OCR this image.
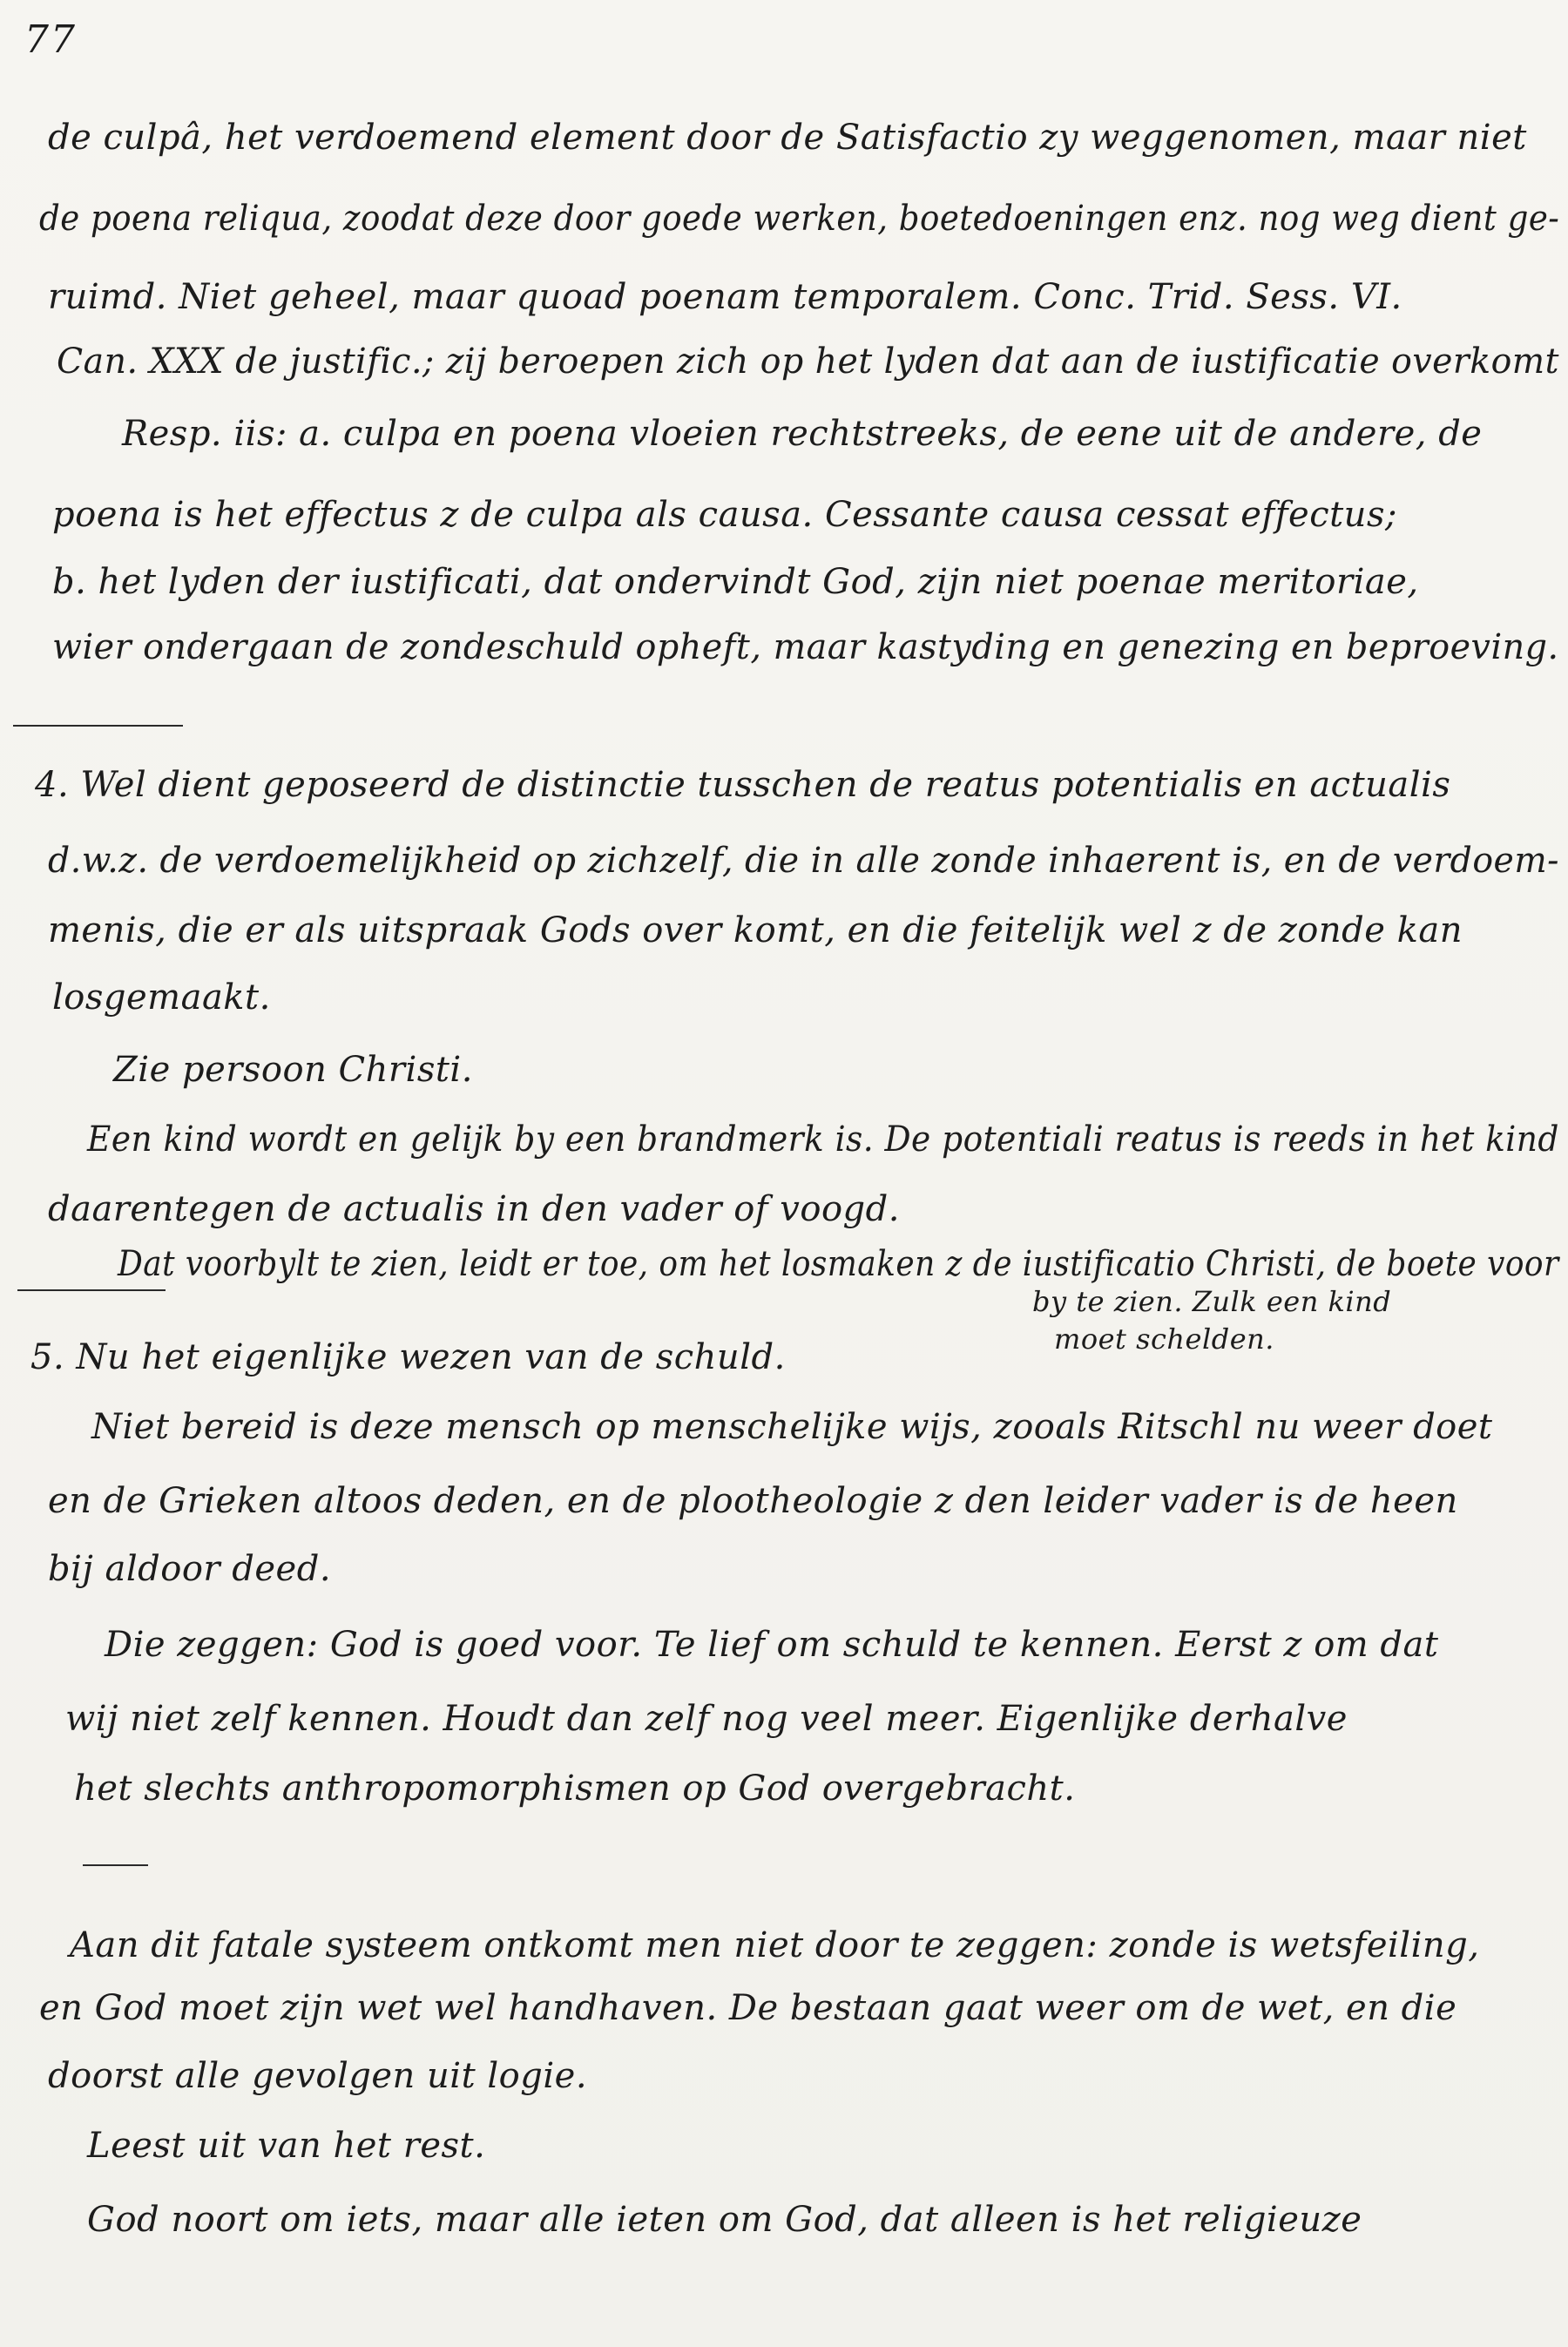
77
de culpâ, het verdoemend element door de Satisfactio zy weggenomen, maar niet
de poena reliqua, zoodat deze door goede werken, boetedoeningen enz. nog weg dient ge-
ruimd. Niet geheel, maar quoad poenam temporalem. Conc. Trid. Sess. VI.
Can. XXX de justific.; zij beroepen zich op het lyden dat aan de iustificatie overkomt
Resp. iis: a. culpa en poena vloeien rechtstreeks, de eene uit de andere, de
poena is het effectus z de culpa als causa. Cessante causa cessat effectus;
b. het lyden der iustificati, dat ondervindt God, zijn niet poenae meritoriae,
wier ondergaan de zondeschuld opheft, maar kastyding en genezing en beproeving.
4. Wel dient geposeerd de distinctie tusschen de reatus potentialis en actualis
d.w.z. de verdoemelijkheid op zichzelf, die in alle zonde inhaerent is, en de verdoem-
menis, die er als uitspraak Gods over komt, en die feitelijk wel z de zonde kan
losgemaakt.
Zie persoon Christi.
Een kind wordt en gelijk by een brandmerk is. De potentiali reatus is reeds in het kind
daarentegen de actualis in den vader of voogd.
Dat voorbylt te zien, leidt er toe, om het losmaken z de iustificatio Christi, de boete voor
by te zien. Zulk een kind
moet schelden.
5. Nu het eigenlijke wezen van de schuld.
Niet bereid is deze mensch op menschelijke wijs, zooals Ritschl nu weer doet
en de Grieken altoos deden, en de plootheologie z den leider vader is de heen
bij aldoor deed.
Die zeggen: God is goed voor. Te lief om schuld te kennen. Eerst z om dat
wij niet zelf kennen. Houdt dan zelf nog veel meer. Eigenlijke derhalve
het slechts anthropomorphismen op God overgebracht.
Aan dit fatale systeem ontkomt men niet door te zeggen: zonde is wetsfeiling,
en God moet zijn wet wel handhaven. De bestaan gaat weer om de wet, en die
doorst alle gevolgen uit logie.
Leest uit van het rest.
God noort om iets, maar alle ieten om God, dat alleen is het religieuze
